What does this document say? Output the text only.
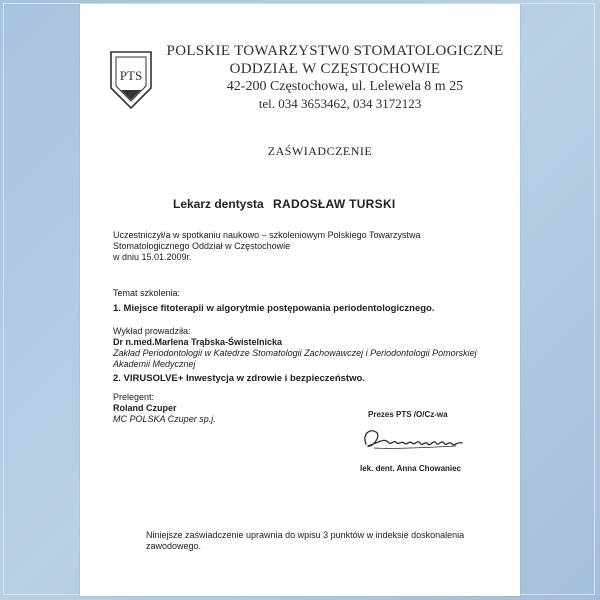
PTS
POLSKIE TOWARZYSTW0 STOMATOLOGICZNE
ODDZIAŁ W CZĘSTOCHOWIE
42-200 Częstochowa, ul. Lelewela 8 m 25
tel. 034 3653462, 034 3172123
ZAŚWIADCZENIE
Lekarz dentysta RADOSŁAW TURSKI
Uczestniczył/a w spotkaniu naukowo – szkoleniowym Polskiego Towarzystwa
Stomatologicznego Oddział w Częstochowie
w dniu 15.01.2009r.
Temat szkolenia:
1. Miejsce fitoterapii w algorytmie postępowania periodentologicznego.
Wykład prowadziła:
Dr n.med.Marlena Trąbska-Świstelnicka
Zakład Periodontologii w Katedrze Stomatologii Zachowawczej i Periodontologii Pomorskiej
Akademii Medycznej
2. VIRUSOLVE+ Inwestycja w zdrowie i bezpieczeństwo.
Prelegent:
Roland Czuper
MC POLSKA Czuper sp.j.	Prezes PTS /O/Cz-wa
lek. dent. Anna Chowaniec
Niniejsze zaświadczenie uprawnia do wpisu 3 punktów w indeksie doskonalenia
zawodowego.
